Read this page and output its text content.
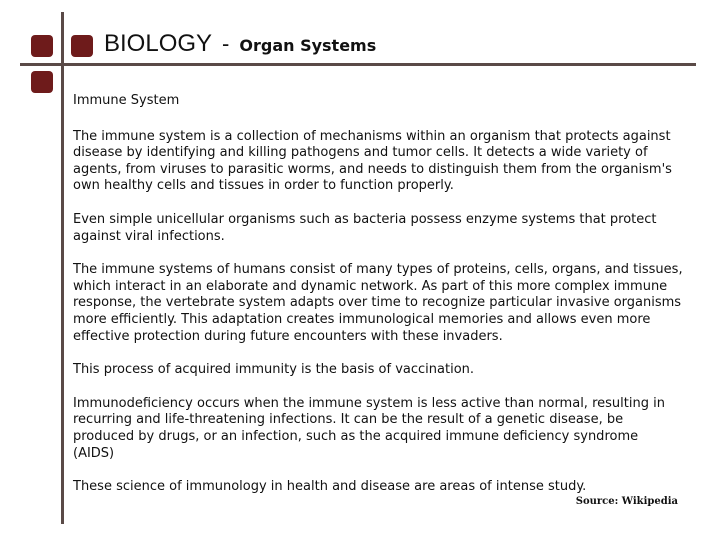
BIOLOGY - Organ Systems
Immune System

The immune system is a collection of mechanisms within an organism that protects against disease by identifying and killing pathogens and tumor cells. It detects a wide variety of agents, from viruses to parasitic worms, and needs to distinguish them from the organism's own healthy cells and tissues in order to function properly.

Even simple unicellular organisms such as bacteria possess enzyme systems that protect against viral infections.

The immune systems of humans consist of many types of proteins, cells, organs, and tissues, which interact in an elaborate and dynamic network. As part of this more complex immune response, the vertebrate system adapts over time to recognize particular invasive organisms more efficiently. This adaptation creates immunological memories and allows even more effective protection during future encounters with these invaders.

This process of acquired immunity is the basis of vaccination.

Immunodeficiency occurs when the immune system is less active than normal, resulting in recurring and life-threatening infections. It can be the result of a genetic disease, be produced by drugs, or an infection, such as the acquired immune deficiency syndrome (AIDS)

These science of immunology in health and disease are areas of intense study.

Source: Wikipedia
